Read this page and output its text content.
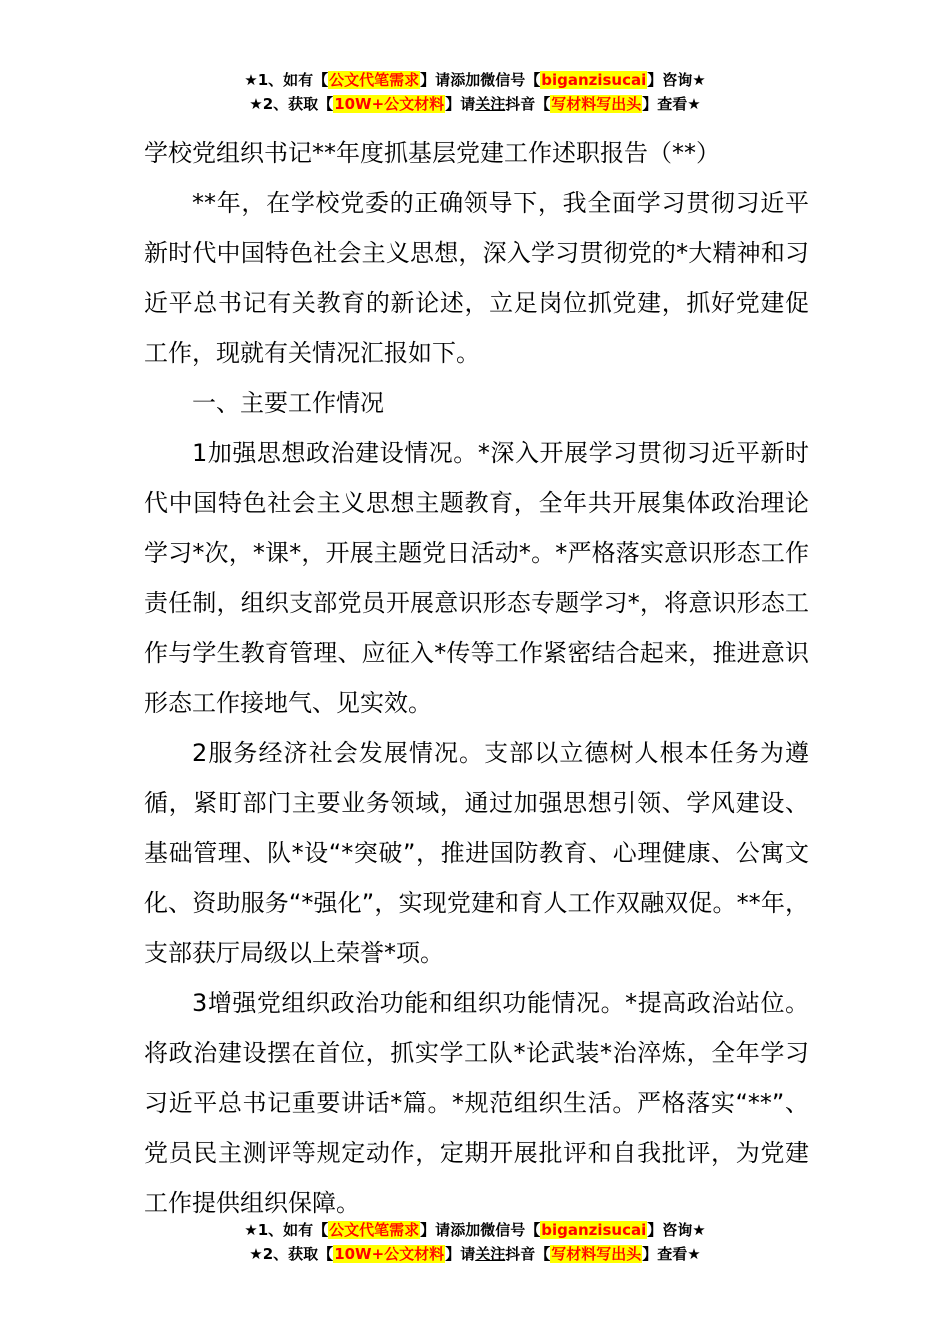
★1、如有【公文代笔需求】请添加微信号【biganzisucai】咨询★
★2、获取【10W+公文材料】请关注抖音【写材料写出头】查看★

学校党组织书记**年度抓基层党建工作述职报告（**）

**年，在学校党委的正确领导下，我全面学习贯彻习近平新时代中国特色社会主义思想，深入学习贯彻党的*大精神和习近平总书记有关教育的新论述，立足岗位抓党建，抓好党建促工作，现就有关情况汇报如下。

一、主要工作情况

1加强思想政治建设情况。*深入开展学习贯彻习近平新时代中国特色社会主义思想主题教育，全年共开展集体政治理论学习*次，*课*，开展主题党日活动*。*严格落实意识形态工作责任制，组织支部党员开展意识形态专题学习*，将意识形态工作与学生教育管理、应征入*传等工作紧密结合起来，推进意识形态工作接地气、见实效。

2服务经济社会发展情况。支部以立德树人根本任务为遵循，紧盯部门主要业务领域，通过加强思想引领、学风建设、基础管理、队*设“*突破”，推进国防教育、心理健康、公寓文化、资助服务“*强化”，实现党建和育人工作双融双促。**年，支部获厅局级以上荣誉*项。

3增强党组织政治功能和组织功能情况。*提高政治站位。将政治建设摆在首位，抓实学工队*论武装*治淬炼，全年学习习近平总书记重要讲话*篇。*规范组织生活。严格落实“**”、党员民主测评等规定动作，定期开展批评和自我批评，为党建工作提供组织保障。

★1、如有【公文代笔需求】请添加微信号【biganzisucai】咨询★
★2、获取【10W+公文材料】请关注抖音【写材料写出头】查看★
